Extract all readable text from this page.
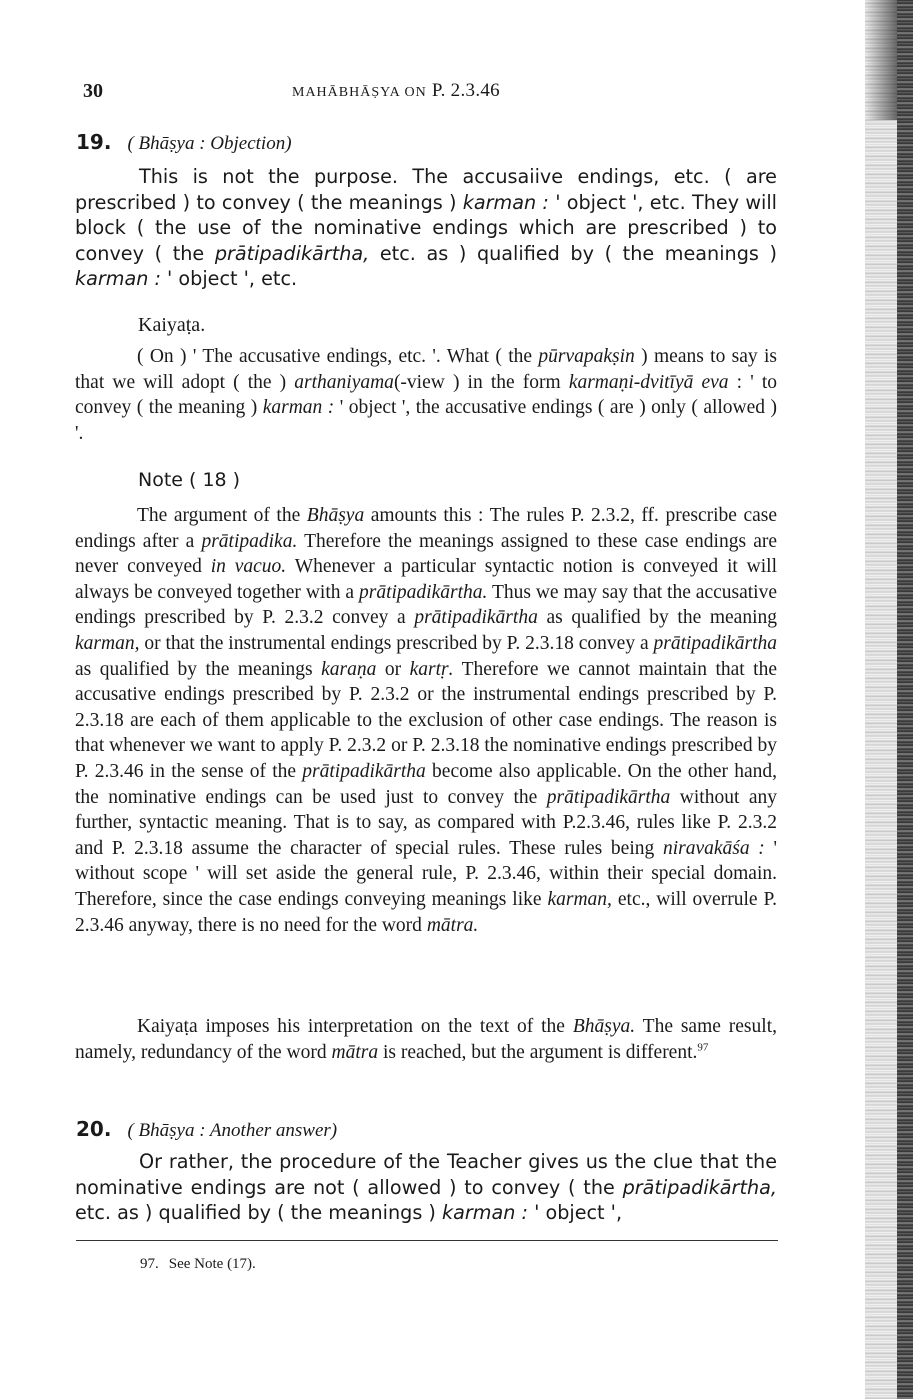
30	MAHĀBHĀṢYA ON P. 2.3.46
19. ( Bhāṣya : Objection)
This is not the purpose. The accusaiive endings, etc. ( are prescribed ) to convey ( the meanings ) karman : ' object ', etc. They will block ( the use of the nominative endings which are prescribed ) to convey ( the prātipadikārtha, etc. as ) qualified by ( the meanings ) karman : ' object ', etc.
Kaiyaṭa.
( On ) ' The accusative endings, etc. '. What ( the pūrvapakṣin ) means to say is that we will adopt ( the ) arthaniyama(-view ) in the form karmaṇi-dvitīyā eva : ' to convey ( the meaning ) karman : ' object ', the accusative endings ( are ) only ( allowed ) '.
Note ( 18 )
The argument of the Bhāṣya amounts this : The rules P. 2.3.2, ff. prescribe case endings after a prātipadika. Therefore the meanings assigned to these case endings are never conveyed in vacuo. Whenever a particular syntactic notion is conveyed it will always be conveyed together with a prātipadikārtha. Thus we may say that the accusative endings prescribed by P. 2.3.2 convey a prātipadikārtha as qualified by the meaning karman, or that the instrumental endings prescribed by P. 2.3.18 convey a prātipadikārtha as qualified by the meanings karaṇa or kartṛ. Therefore we cannot maintain that the accusative endings prescribed by P. 2.3.2 or the instrumental endings prescribed by P. 2.3.18 are each of them applicable to the exclusion of other case endings. The reason is that whenever we want to apply P. 2.3.2 or P. 2.3.18 the nominative endings prescribed by P. 2.3.46 in the sense of the prātipadikārtha become also applicable. On the other hand, the nominative endings can be used just to convey the prātipadikārtha without any further, syntactic meaning. That is to say, as compared with P.2.3.46, rules like P. 2.3.2 and P. 2.3.18 assume the character of special rules. These rules being niravakāśa : ' without scope ' will set aside the general rule, P. 2.3.46, within their special domain. Therefore, since the case endings conveying meanings like karman, etc., will overrule P. 2.3.46 anyway, there is no need for the word mātra.
Kaiyaṭa imposes his interpretation on the text of the Bhāṣya. The same result, namely, redundancy of the word mātra is reached, but the argument is different.$^{97}$
20. ( Bhāṣya : Another answer)
Or rather, the procedure of the Teacher gives us the clue that the nominative endings are not ( allowed ) to convey ( the prātipadikārtha, etc. as ) qualified by ( the meanings ) karman : ' object ',
97. See Note (17).
